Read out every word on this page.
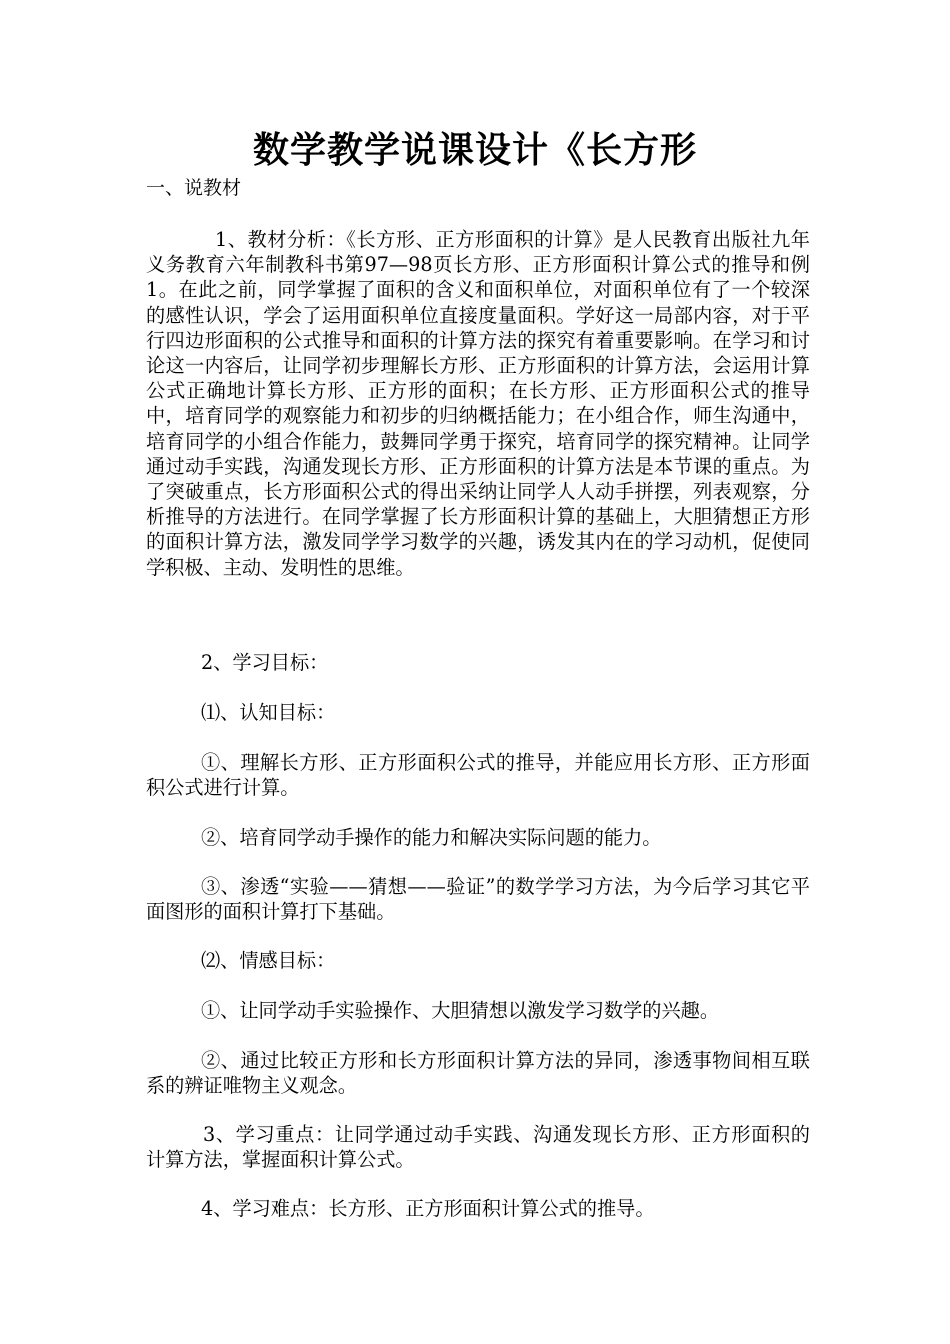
数学教学说课设计《长方形

一、说教材

1、教材分析：《长方形、正方形面积的计算》是人民教育出版社九年义务教育六年制教科书第97—98页长方形、正方形面积计算公式的推导和例1。在此之前，同学掌握了面积的含义和面积单位，对面积单位有了一个较深的感性认识，学会了运用面积单位直接度量面积。学好这一局部内容，对于平行四边形面积的公式推导和面积的计算方法的探究有着重要影响。在学习和讨论这一内容后，让同学初步理解长方形、正方形面积的计算方法，会运用计算公式正确地计算长方形、正方形的面积；在长方形、正方形面积公式的推导中，培育同学的观察能力和初步的归纳概括能力；在小组合作，师生沟通中，培育同学的小组合作能力，鼓舞同学勇于探究，培育同学的探究精神。让同学通过动手实践，沟通发现长方形、正方形面积的计算方法是本节课的重点。为了突破重点，长方形面积公式的得出采纳让同学人人动手拼摆，列表观察，分析推导的方法进行。在同学掌握了长方形面积计算的基础上，大胆猜想正方形的面积计算方法，激发同学学习数学的兴趣，诱发其内在的学习动机，促使同学积极、主动、发明性的思维。

2、学习目标：

⑴、认知目标：

①、理解长方形、正方形面积公式的推导，并能应用长方形、正方形面积公式进行计算。

②、培育同学动手操作的能力和解决实际问题的能力。

③、渗透“实验——猜想——验证”的数学学习方法，为今后学习其它平面图形的面积计算打下基础。

⑵、情感目标：

①、让同学动手实验操作、大胆猜想以激发学习数学的兴趣。

②、通过比较正方形和长方形面积计算方法的异同，渗透事物间相互联系的辨证唯物主义观念。

3、学习重点：让同学通过动手实践、沟通发现长方形、正方形面积的计算方法，掌握面积计算公式。

4、学习难点：长方形、正方形面积计算公式的推导。
